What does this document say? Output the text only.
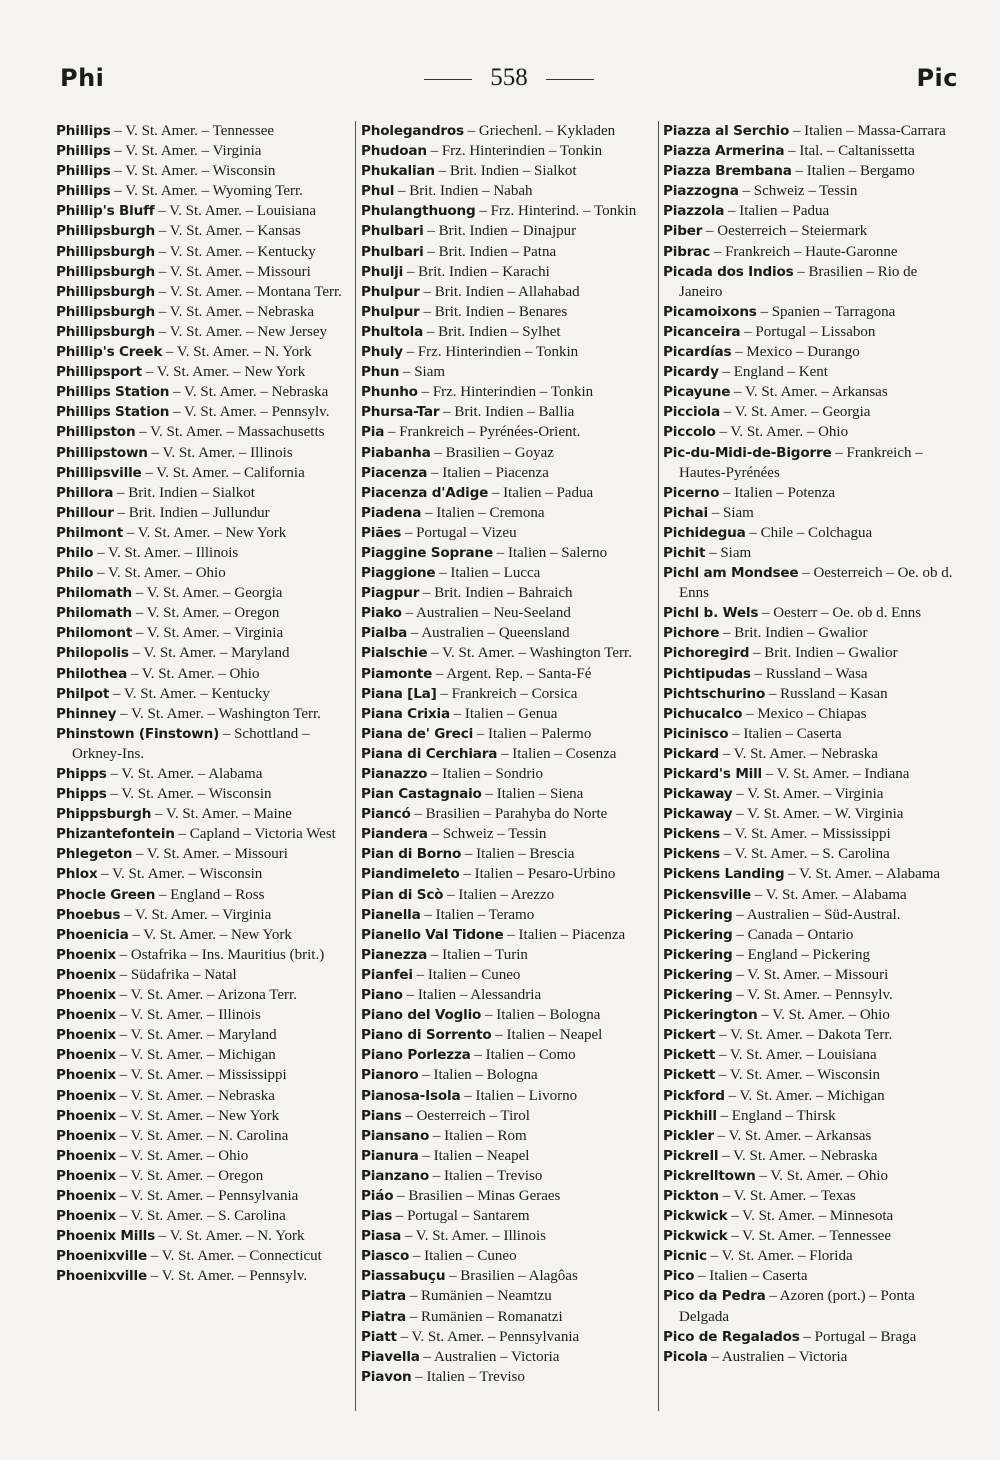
Phi	558	Pic
Phillips – V. St. Amer. – Tennessee
Phillips – V. St. Amer. – Virginia
Phillips – V. St. Amer. – Wisconsin
Phillips – V. St. Amer. – Wyoming Terr.
Phillip's Bluff – V. St. Amer. – Louisiana
Phillipsburgh – V. St. Amer. – Kansas
Phillipsburgh – V. St. Amer. – Kentucky
Phillipsburgh – V. St. Amer. – Missouri
Phillipsburgh – V. St. Amer. – Montana Terr.
Phillipsburgh – V. St. Amer. – Nebraska
Phillipsburgh – V. St. Amer. – New Jersey
Phillip's Creek – V. St. Amer. – N. York
Phillipsport – V. St. Amer. – New York
Phillips Station – V. St. Amer. – Nebraska
Phillips Station – V. St. Amer. – Pennsylv.
Phillipston – V. St. Amer. – Massachusetts
Phillipstown – V. St. Amer. – Illinois
Phillipsville – V. St. Amer. – California
Phillora – Brit. Indien – Sialkot
Phillour – Brit. Indien – Jullundur
Philmont – V. St. Amer. – New York
Philo – V. St. Amer. – Illinois
Philo – V. St. Amer. – Ohio
Philomath – V. St. Amer. – Georgia
Philomath – V. St. Amer. – Oregon
Philomont – V. St. Amer. – Virginia
Philopolis – V. St. Amer. – Maryland
Philothea – V. St. Amer. – Ohio
Philpot – V. St. Amer. – Kentucky
Phinney – V. St. Amer. – Washington Terr.
Phinstown (Finstown) – Schottland – Orkney-Ins.
Phipps – V. St. Amer. – Alabama
Phipps – V. St. Amer. – Wisconsin
Phippsburgh – V. St. Amer. – Maine
Phizantefontein – Capland – Victoria West
Phlegeton – V. St. Amer. – Missouri
Phlox – V. St. Amer. – Wisconsin
Phocle Green – England – Ross
Phoebus – V. St. Amer. – Virginia
Phoenicia – V. St. Amer. – New York
Phoenix – Ostafrika – Ins. Mauritius (brit.)
Phoenix – Südafrika – Natal
Phoenix – V. St. Amer. – Arizona Terr.
Phoenix – V. St. Amer. – Illinois
Phoenix – V. St. Amer. – Maryland
Phoenix – V. St. Amer. – Michigan
Phoenix – V. St. Amer. – Mississippi
Phoenix – V. St. Amer. – Nebraska
Phoenix – V. St. Amer. – New York
Phoenix – V. St. Amer. – N. Carolina
Phoenix – V. St. Amer. – Ohio
Phoenix – V. St. Amer. – Oregon
Phoenix – V. St. Amer. – Pennsylvania
Phoenix – V. St. Amer. – S. Carolina
Phoenix Mills – V. St. Amer. – N. York
Phoenixville – V. St. Amer. – Connecticut
Phoenixville – V. St. Amer. – Pennsylv.
Pholegandros – Griechenl. – Kykladen
Phudoan – Frz. Hinterindien – Tonkin
Phukalian – Brit. Indien – Sialkot
Phul – Brit. Indien – Nabah
Phulangthuong – Frz. Hinterind. – Tonkin
Phulbari – Brit. Indien – Dinajpur
Phulbari – Brit. Indien – Patna
Phulji – Brit. Indien – Karachi
Phulpur – Brit. Indien – Allahabad
Phulpur – Brit. Indien – Benares
Phultola – Brit. Indien – Sylhet
Phuly – Frz. Hinterindien – Tonkin
Phun – Siam
Phunho – Frz. Hinterindien – Tonkin
Phursa-Tar – Brit. Indien – Ballia
Pia – Frankreich – Pyrénées-Orient.
Piabanha – Brasilien – Goyaz
Piacenza – Italien – Piacenza
Piacenza d'Adige – Italien – Padua
Piadena – Italien – Cremona
Piães – Portugal – Vizeu
Piaggine Soprane – Italien – Salerno
Piaggione – Italien – Lucca
Piagpur – Brit. Indien – Bahraich
Piako – Australien – Neu-Seeland
Pialba – Australien – Queensland
Pialschie – V. St. Amer. – Washington Terr.
Piamonte – Argent. Rep. – Santa-Fé
Piana [La] – Frankreich – Corsica
Piana Crixia – Italien – Genua
Piana de' Greci – Italien – Palermo
Piana di Cerchiara – Italien – Cosenza
Pianazzo – Italien – Sondrio
Pian Castagnaio – Italien – Siena
Piancó – Brasilien – Parahyba do Norte
Piandera – Schweiz – Tessin
Pian di Borno – Italien – Brescia
Piandimeleto – Italien – Pesaro-Urbino
Pian di Scò – Italien – Arezzo
Pianella – Italien – Teramo
Pianello Val Tidone – Italien – Piacenza
Pianezza – Italien – Turin
Pianfei – Italien – Cuneo
Piano – Italien – Alessandria
Piano del Voglio – Italien – Bologna
Piano di Sorrento – Italien – Neapel
Piano Porlezza – Italien – Como
Pianoro – Italien – Bologna
Pianosa-Isola – Italien – Livorno
Pians – Oesterreich – Tirol
Piansano – Italien – Rom
Pianura – Italien – Neapel
Pianzano – Italien – Treviso
Piáo – Brasilien – Minas Geraes
Pias – Portugal – Santarem
Piasa – V. St. Amer. – Illinois
Piasco – Italien – Cuneo
Piassabuçu – Brasilien – Alagôas
Piatra – Rumänien – Neamtzu
Piatra – Rumänien – Romanatzi
Piatt – V. St. Amer. – Pennsylvania
Piavella – Australien – Victoria
Piavon – Italien – Treviso
Piazza al Serchio – Italien – Massa-Carrara
Piazza Armerina – Ital. – Caltanissetta
Piazza Brembana – Italien – Bergamo
Piazzogna – Schweiz – Tessin
Piazzola – Italien – Padua
Piber – Oesterreich – Steiermark
Pibrac – Frankreich – Haute-Garonne
Picada dos Indios – Brasilien – Rio de Janeiro
Picamoixons – Spanien – Tarragona
Picanceira – Portugal – Lissabon
Picardías – Mexico – Durango
Picardy – England – Kent
Picayune – V. St. Amer. – Arkansas
Picciola – V. St. Amer. – Georgia
Piccolo – V. St. Amer. – Ohio
Pic-du-Midi-de-Bigorre – Frankreich – Hautes-Pyrénées
Picerno – Italien – Potenza
Pichai – Siam
Pichidegua – Chile – Colchagua
Pichit – Siam
Pichl am Mondsee – Oesterreich – Oe. ob d. Enns
Pichl b. Wels – Oesterr – Oe. ob d. Enns
Pichore – Brit. Indien – Gwalior
Pichoregird – Brit. Indien – Gwalior
Pichtipudas – Russland – Wasa
Pichtschurino – Russland – Kasan
Pichucalco – Mexico – Chiapas
Picinisco – Italien – Caserta
Pickard – V. St. Amer. – Nebraska
Pickard's Mill – V. St. Amer. – Indiana
Pickaway – V. St. Amer. – Virginia
Pickaway – V. St. Amer. – W. Virginia
Pickens – V. St. Amer. – Mississippi
Pickens – V. St. Amer. – S. Carolina
Pickens Landing – V. St. Amer. – Alabama
Pickensville – V. St. Amer. – Alabama
Pickering – Australien – Süd-Austral.
Pickering – Canada – Ontario
Pickering – England – Pickering
Pickering – V. St. Amer. – Missouri
Pickering – V. St. Amer. – Pennsylv.
Pickerington – V. St. Amer. – Ohio
Pickert – V. St. Amer. – Dakota Terr.
Pickett – V. St. Amer. – Louisiana
Pickett – V. St. Amer. – Wisconsin
Pickford – V. St. Amer. – Michigan
Pickhill – England – Thirsk
Pickler – V. St. Amer. – Arkansas
Pickrell – V. St. Amer. – Nebraska
Pickrelltown – V. St. Amer. – Ohio
Pickton – V. St. Amer. – Texas
Pickwick – V. St. Amer. – Minnesota
Pickwick – V. St. Amer. – Tennessee
Picnic – V. St. Amer. – Florida
Pico – Italien – Caserta
Pico da Pedra – Azoren (port.) – Ponta Delgada
Pico de Regalados – Portugal – Braga
Picola – Australien – Victoria
